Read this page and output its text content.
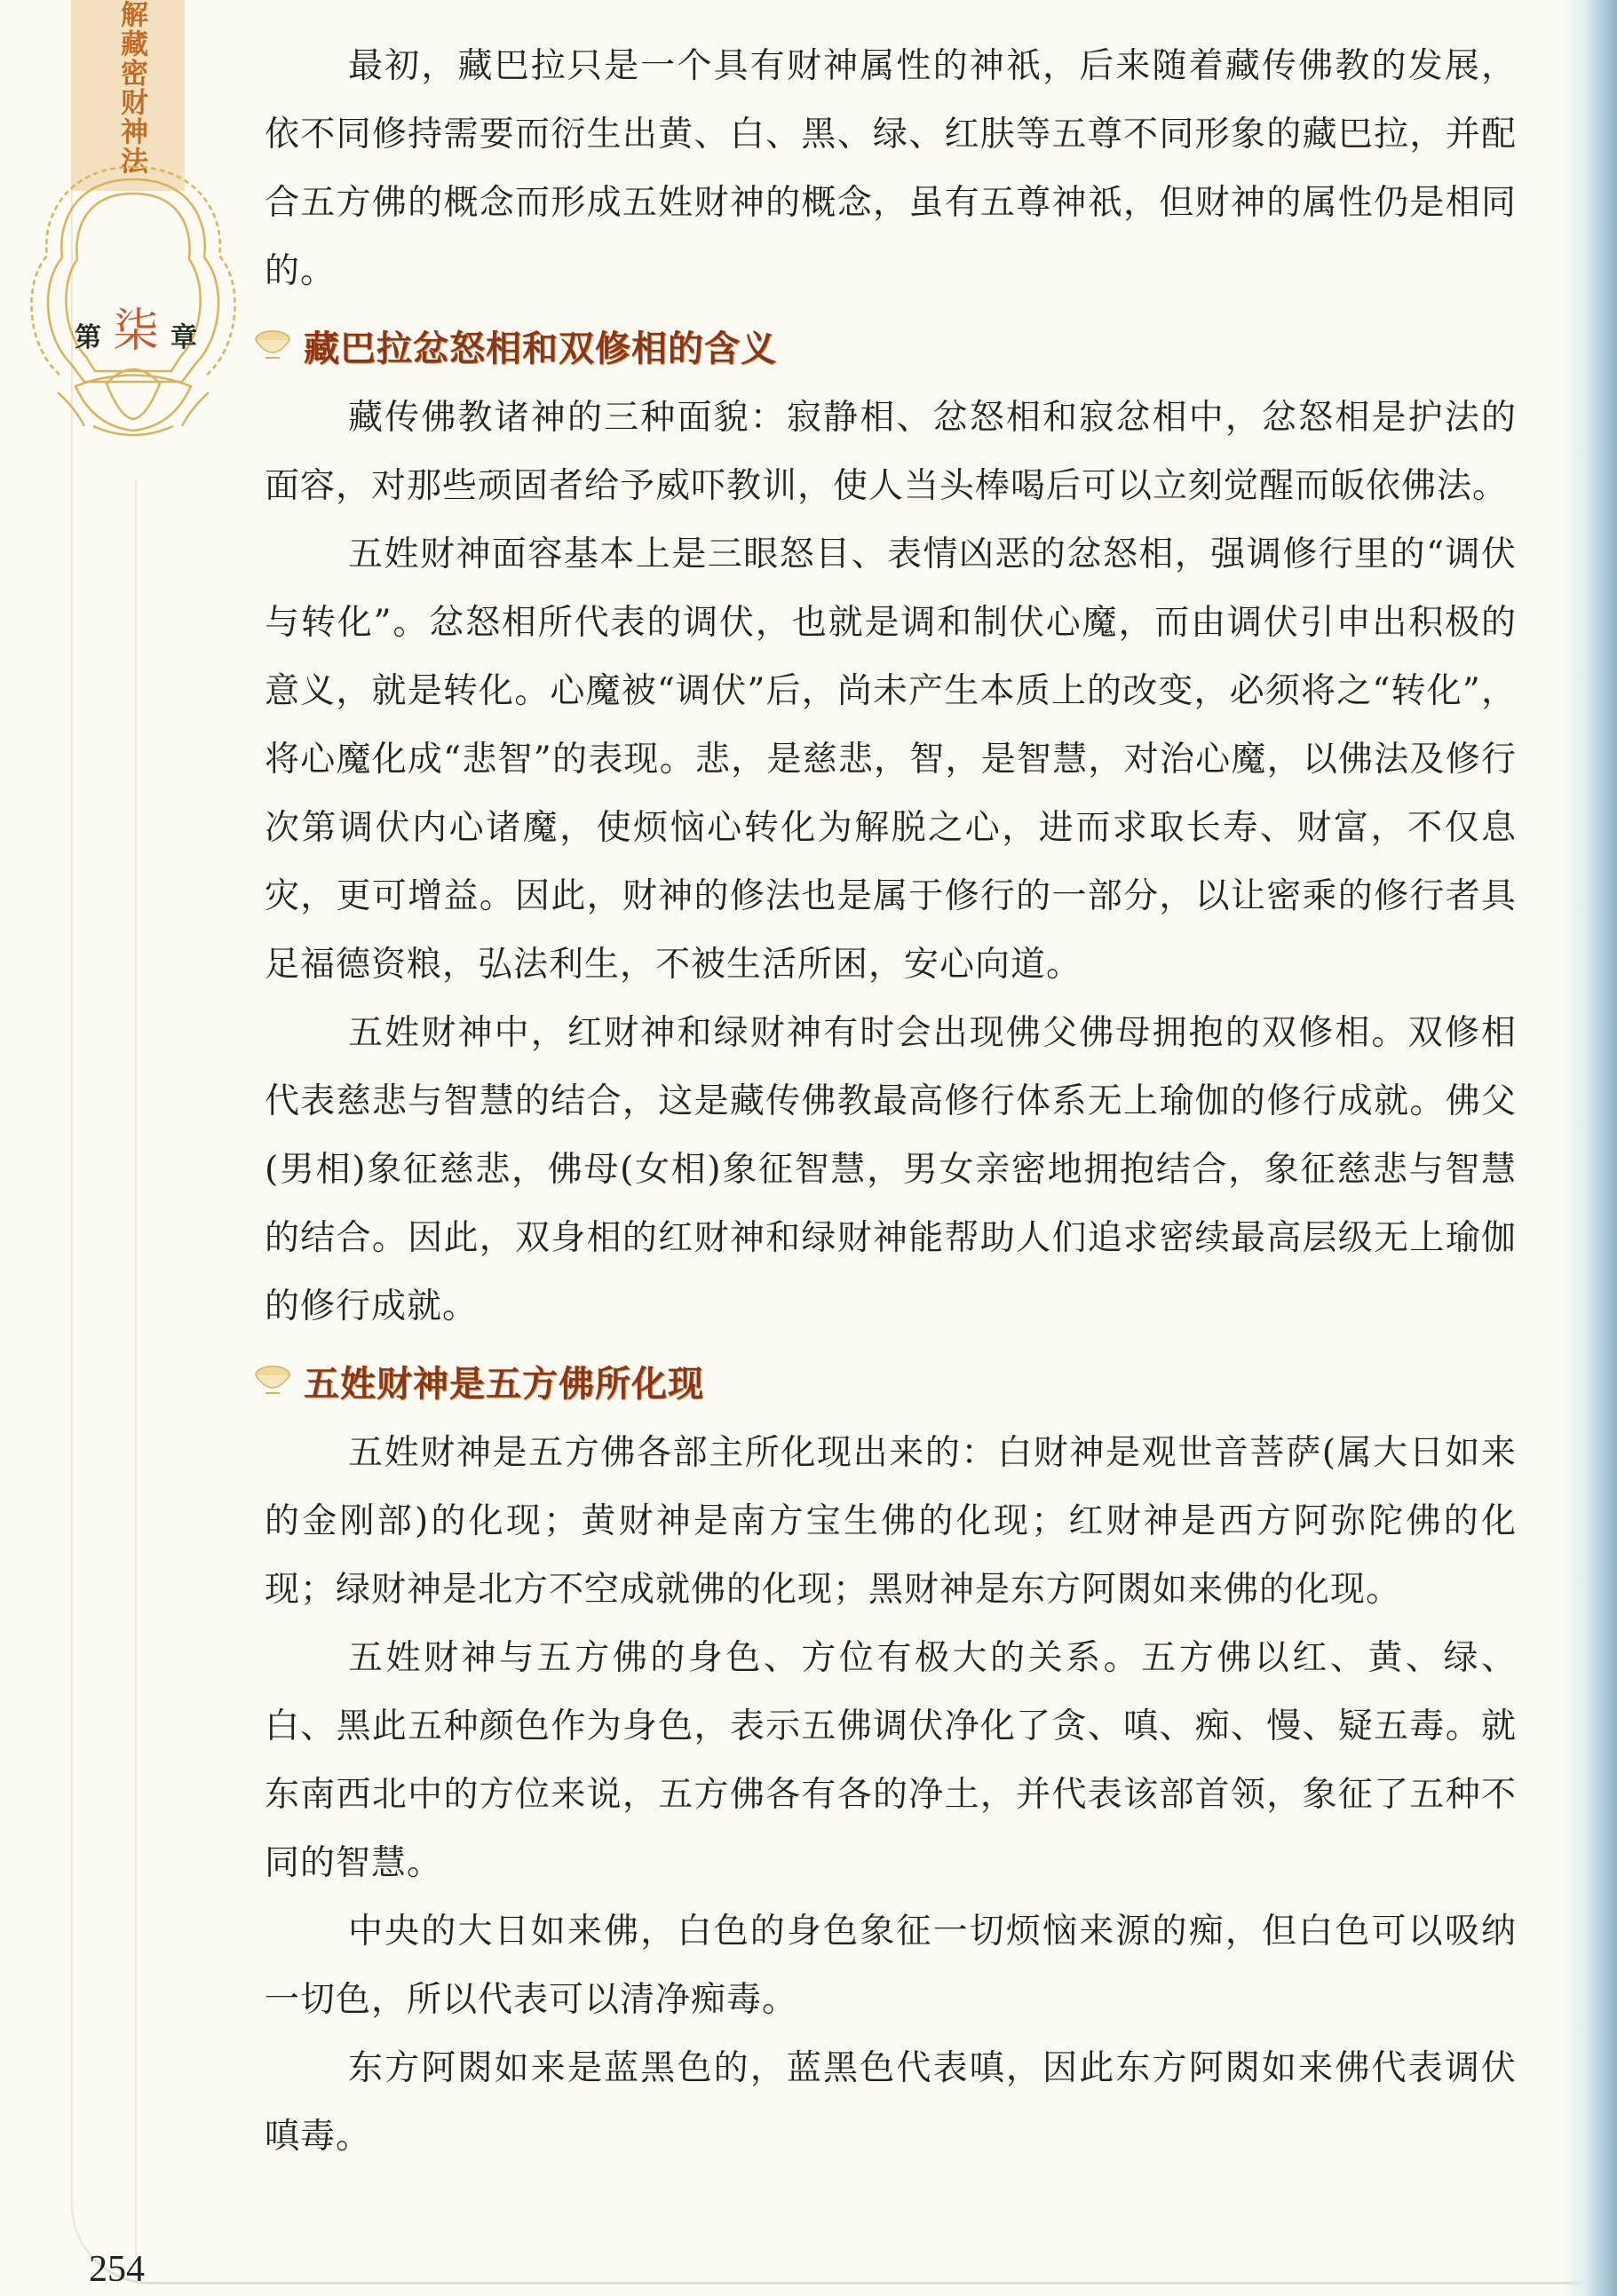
解藏密财神法
第 柒 章

最初，藏巴拉只是一个具有财神属性的神祇，后来随着藏传佛教的发展，依不同修持需要而衍生出黄、白、黑、绿、红肤等五尊不同形象的藏巴拉，并配合五方佛的概念而形成五姓财神的概念，虽有五尊神祇，但财神的属性仍是相同的。

藏巴拉忿怒相和双修相的含义

藏传佛教诸神的三种面貌：寂静相、忿怒相和寂忿相中，忿怒相是护法的面容，对那些顽固者给予威吓教训，使人当头棒喝后可以立刻觉醒而皈依佛法。

五姓财神面容基本上是三眼怒目、表情凶恶的忿怒相，强调修行里的“调伏与转化”。忿怒相所代表的调伏，也就是调和制伏心魔，而由调伏引申出积极的意义，就是转化。心魔被“调伏”后，尚未产生本质上的改变，必须将之“转化”，将心魔化成“悲智”的表现。悲，是慈悲，智，是智慧，对治心魔，以佛法及修行次第调伏内心诸魔，使烦恼心转化为解脱之心，进而求取长寿、财富，不仅息灾，更可增益。因此，财神的修法也是属于修行的一部分，以让密乘的修行者具足福德资粮，弘法利生，不被生活所困，安心向道。

五姓财神中，红财神和绿财神有时会出现佛父佛母拥抱的双修相。双修相代表慈悲与智慧的结合，这是藏传佛教最高修行体系无上瑜伽的修行成就。佛父(男相)象征慈悲，佛母(女相)象征智慧，男女亲密地拥抱结合，象征慈悲与智慧的结合。因此，双身相的红财神和绿财神能帮助人们追求密续最高层级无上瑜伽的修行成就。

五姓财神是五方佛所化现

五姓财神是五方佛各部主所化现出来的：白财神是观世音菩萨(属大日如来的金刚部)的化现；黄财神是南方宝生佛的化现；红财神是西方阿弥陀佛的化现；绿财神是北方不空成就佛的化现；黑财神是东方阿閦如来佛的化现。

五姓财神与五方佛的身色、方位有极大的关系。五方佛以红、黄、绿、白、黑此五种颜色作为身色，表示五佛调伏净化了贪、嗔、痴、慢、疑五毒。就东南西北中的方位来说，五方佛各有各的净土，并代表该部首领，象征了五种不同的智慧。

中央的大日如来佛，白色的身色象征一切烦恼来源的痴，但白色可以吸纳一切色，所以代表可以清净痴毒。

东方阿閦如来是蓝黑色的，蓝黑色代表嗔，因此东方阿閦如来佛代表调伏嗔毒。

254
